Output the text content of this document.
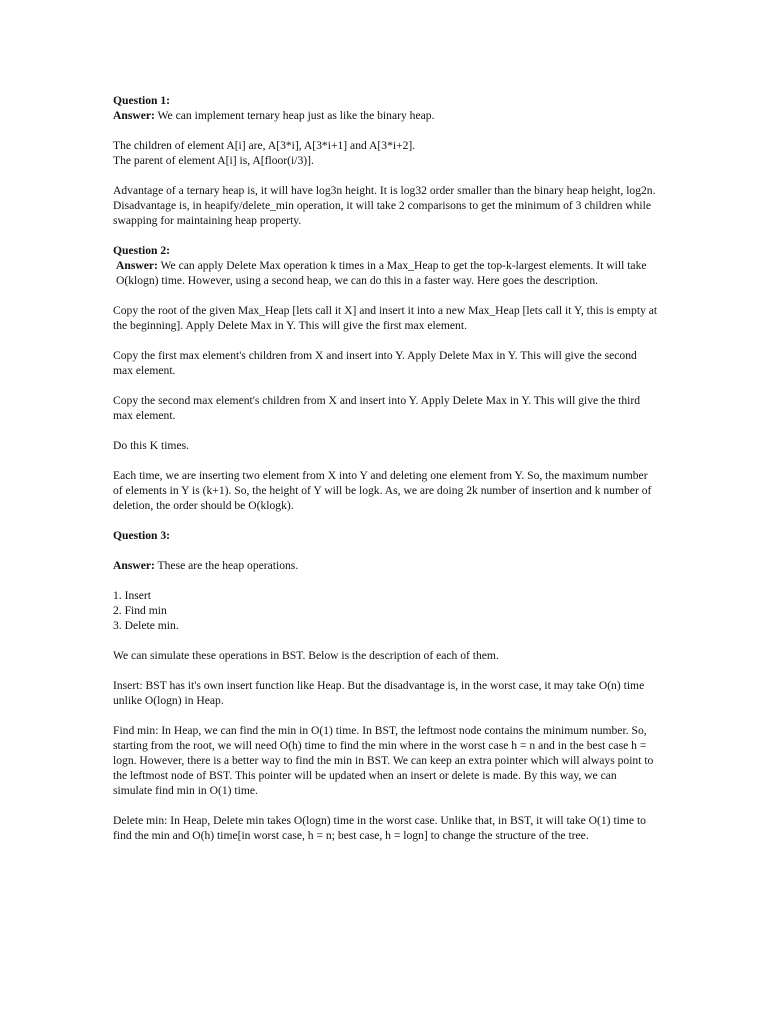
Question 1:
Answer: We can implement ternary heap just as like the binary heap.
The children of element A[i] are, A[3*i], A[3*i+1] and A[3*i+2].
The parent of element A[i] is, A[floor(i/3)].
Advantage of a ternary heap is, it will have log3n height. It is log32 order smaller than the binary heap height, log2n.
Disadvantage is, in heapify/delete_min operation, it will take 2 comparisons to get the minimum of 3 children while swapping for maintaining heap property.
Question 2:
Answer: We can apply Delete Max operation k times in a Max_Heap to get the top-k-largest elements. It will take O(klogn) time. However, using a second heap, we can do this in a faster way. Here goes the description.

Copy the root of the given Max_Heap [lets call it X] and insert it into a new Max_Heap [lets call it Y, this is empty at the beginning]. Apply Delete Max in Y. This will give the first max element.

Copy the first max element's children from X and insert into Y. Apply Delete Max in Y. This will give the second max element.

Copy the second max element's children from X and insert into Y. Apply Delete Max in Y. This will give the third max element.

Do this K times.

Each time, we are inserting two element from X into Y and deleting one element from Y. So, the maximum number of elements in Y is (k+1). So, the height of Y will be logk. As, we are doing 2k number of insertion and k number of deletion, the order should be O(klogk).

Question 3:

Answer: These are the heap operations.

1. Insert
2. Find min
3. Delete min.

We can simulate these operations in BST. Below is the description of each of them.

Insert: BST has it's own insert function like Heap. But the disadvantage is, in the worst case, it may take O(n) time unlike O(logn) in Heap.

Find min: In Heap, we can find the min in O(1) time. In BST, the leftmost node contains the minimum number. So, starting from the root, we will need O(h) time to find the min where in the worst case h = n and in the best case h = logn. However, there is a better way to find the min in BST. We can keep an extra pointer which will always point to the leftmost node of BST. This pointer will be updated when an insert or delete is made. By this way, we can simulate find min in O(1) time.

Delete min: In Heap, Delete min takes O(logn) time in the worst case. Unlike that, in BST, it will take O(1) time to find the min and O(h) time[in worst case, h = n; best case, h = logn] to change the structure of the tree.
